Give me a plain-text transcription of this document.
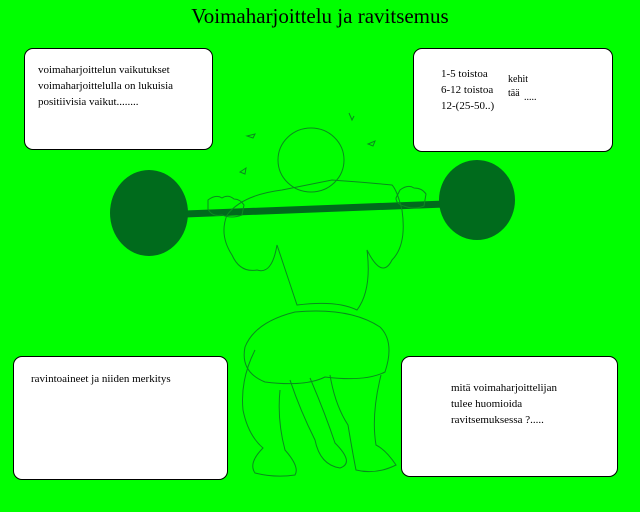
Voimaharjoittelu ja ravitsemus

voimaharjoittelun vaikutukset

voimaharjoittelulla on lukuisia

positiivisia vaikut........

1-5 toistoa

6-12 toistoa

12-(25-50..)

kehit
tää .....

ravintoaineet ja niiden merkitys

mitä voimaharjoittelijan

tulee huomioida

ravitsemuksessa ?.....
